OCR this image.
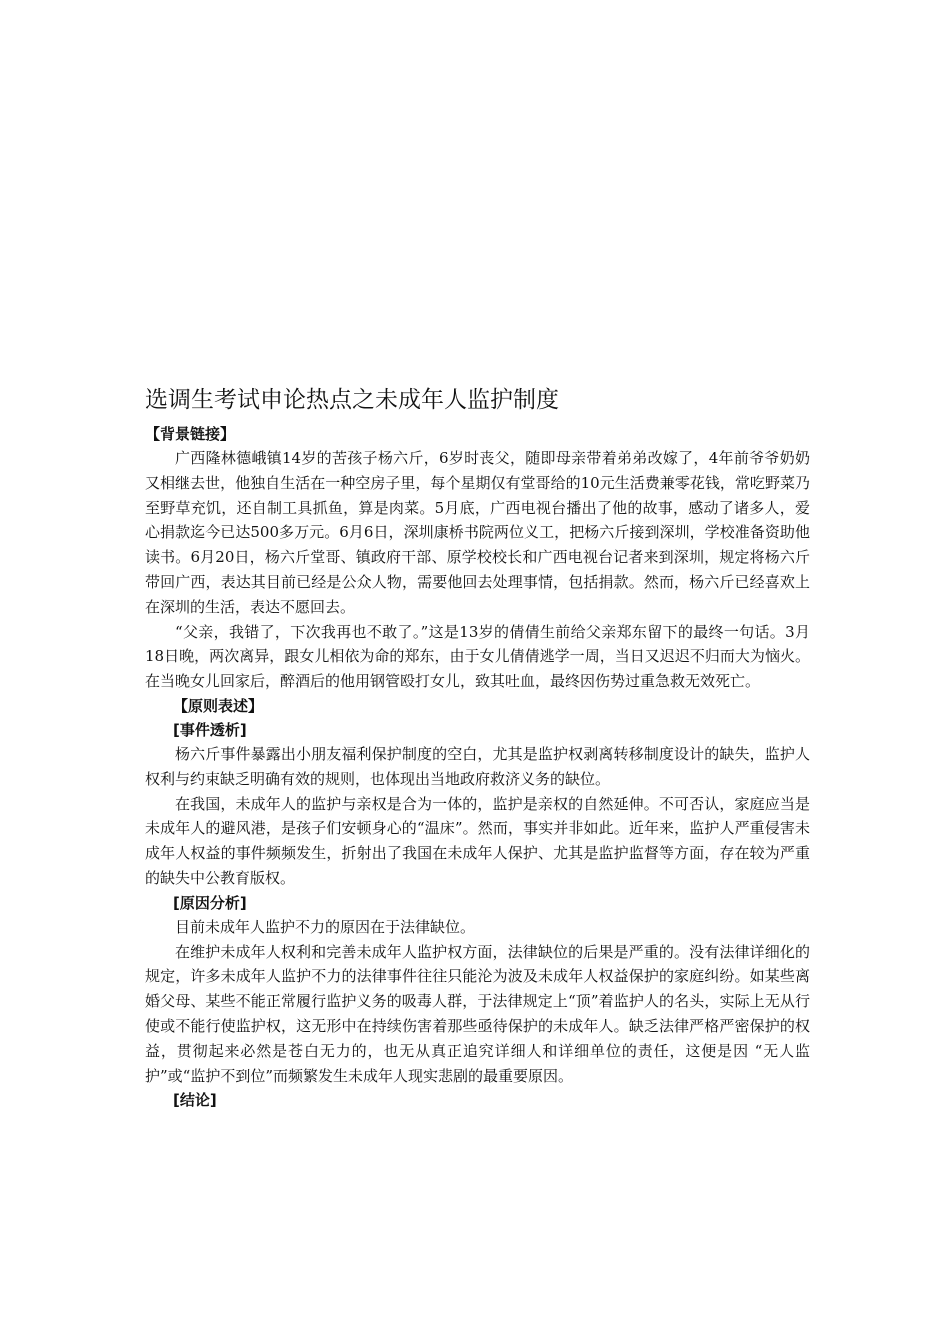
选调生考试申论热点之未成年人监护制度
【背景链接】

广西隆林德峨镇14岁的苦孩子杨六斤，6岁时丧父，随即母亲带着弟弟改嫁了，4年前爷爷奶奶又相继去世，他独自生活在一种空房子里，每个星期仅有堂哥给的10元生活费兼零花钱，常吃野菜乃至野草充饥，还自制工具抓鱼，算是肉菜。5月底，广西电视台播出了他的故事，感动了诸多人，爱心捐款迄今已达500多万元。6月6日，深圳康桥书院两位义工，把杨六斤接到深圳，学校准备资助他读书。6月20日，杨六斤堂哥、镇政府干部、原学校校长和广西电视台记者来到深圳，规定将杨六斤带回广西，表达其目前已经是公众人物，需要他回去处理事情，包括捐款。然而，杨六斤已经喜欢上在深圳的生活，表达不愿回去。

“父亲，我错了，下次我再也不敢了。”这是13岁的倩倩生前给父亲郑东留下的最终一句话。3月18日晚，两次离异，跟女儿相依为命的郑东，由于女儿倩倩逃学一周，当日又迟迟不归而大为恼火。在当晚女儿回家后，醉酒后的他用钢管殴打女儿，致其吐血，最终因伤势过重急救无效死亡。

【原则表述】
[事件透析]

杨六斤事件暴露出小朋友福利保护制度的空白，尤其是监护权剥离转移制度设计的缺失，监护人权利与约束缺乏明确有效的规则，也体现出当地政府救济义务的缺位。

在我国，未成年人的监护与亲权是合为一体的，监护是亲权的自然延伸。不可否认，家庭应当是未成年人的避风港，是孩子们安顿身心的“温床”。然而，事实并非如此。近年来，监护人严重侵害未成年人权益的事件频频发生，折射出了我国在未成年人保护、尤其是监护监督等方面，存在较为严重的缺失中公教育版权。

[原因分析]

目前未成年人监护不力的原因在于法律缺位。

在维护未成年人权利和完善未成年人监护权方面，法律缺位的后果是严重的。没有法律详细化的规定，许多未成年人监护不力的法律事件往往只能沦为波及未成年人权益保护的家庭纠纷。如某些离婚父母、某些不能正常履行监护义务的吸毒人群，于法律规定上“顶”着监护人的名头，实际上无从行使或不能行使监护权，这无形中在持续伤害着那些亟待保护的未成年人。缺乏法律严格严密保护的权益，贯彻起来必然是苍白无力的，也无从真正追究详细人和详细单位的责任，这便是因 “无人监护”或“监护不到位”而频繁发生未成年人现实悲剧的最重要原因。

[结论]
